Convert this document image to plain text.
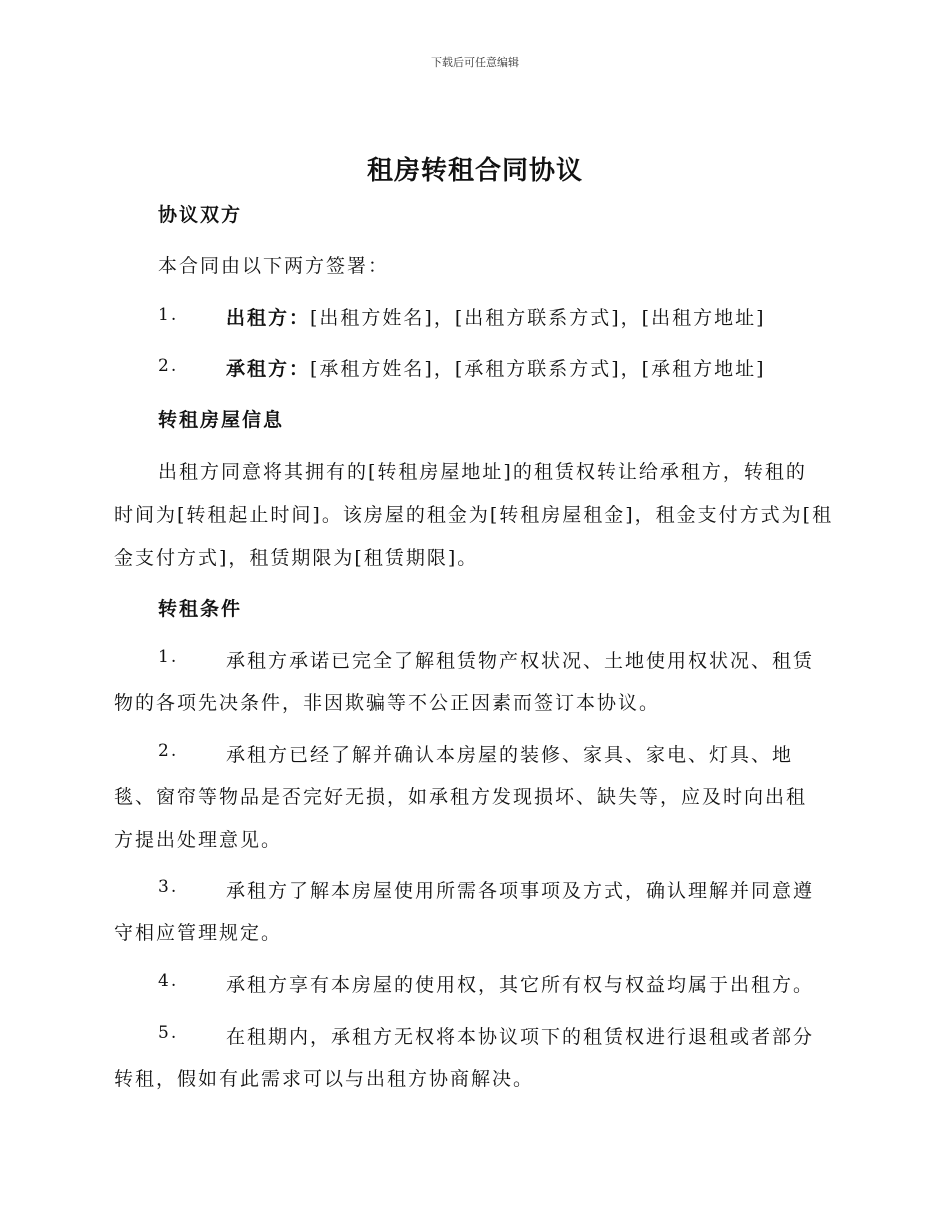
下载后可任意编辑
租房转租合同协议
协议双方
本合同由以下两方签署：
1.	出租方：[出租方姓名]，[出租方联系方式]，[出租方地址]
2.	承租方：[承租方姓名]，[承租方联系方式]，[承租方地址]
转租房屋信息
出租方同意将其拥有的[转租房屋地址]的租赁权转让给承租方，转租的
时间为[转租起止时间]。该房屋的租金为[转租房屋租金]，租金支付方式为[租
金支付方式]，租赁期限为[租赁期限]。
转租条件
1.	承租方承诺已完全了解租赁物产权状况、土地使用权状况、租赁
物的各项先决条件，非因欺骗等不公正因素而签订本协议。
2.	承租方已经了解并确认本房屋的装修、家具、家电、灯具、地
毯、窗帘等物品是否完好无损，如承租方发现损坏、缺失等，应及时向出租
方提出处理意见。
3.	承租方了解本房屋使用所需各项事项及方式，确认理解并同意遵
守相应管理规定。
4.	承租方享有本房屋的使用权，其它所有权与权益均属于出租方。
5.	在租期内，承租方无权将本协议项下的租赁权进行退租或者部分
转租，假如有此需求可以与出租方协商解决。
